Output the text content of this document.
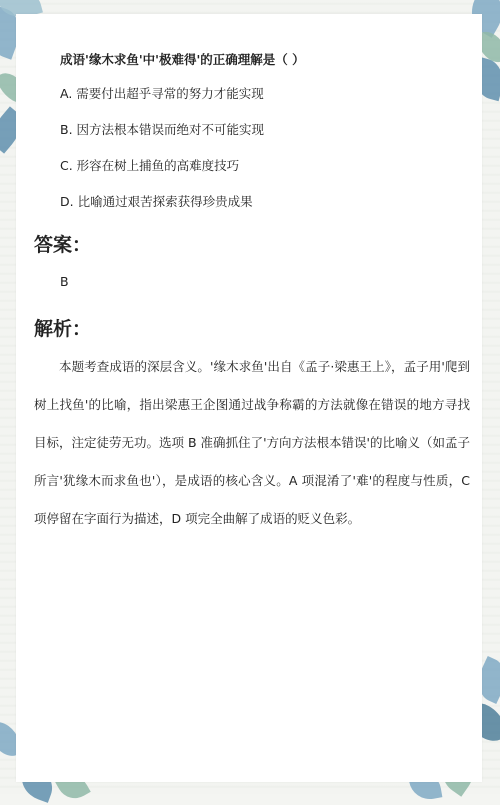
成语'缘木求鱼'中'极难得'的正确理解是（ ）

A. 需要付出超乎寻常的努力才能实现

B. 因方法根本错误而绝对不可能实现

C. 形容在树上捕鱼的高难度技巧

D. 比喻通过艰苦探索获得珍贵成果

答案：
B
解析：

本题考查成语的深层含义。'缘木求鱼'出自《孟子·梁惠王上》，孟子用'爬到树上找鱼'的比喻，指出梁惠王企图通过战争称霸的方法就像在错误的地方寻找目标，注定徒劳无功。选项 B 准确抓住了'方向方法根本错误'的比喻义（如孟子所言'犹缘木而求鱼也'），是成语的核心含义。A 项混淆了'难'的程度与性质，C 项停留在字面行为描述，D 项完全曲解了成语的贬义色彩。
